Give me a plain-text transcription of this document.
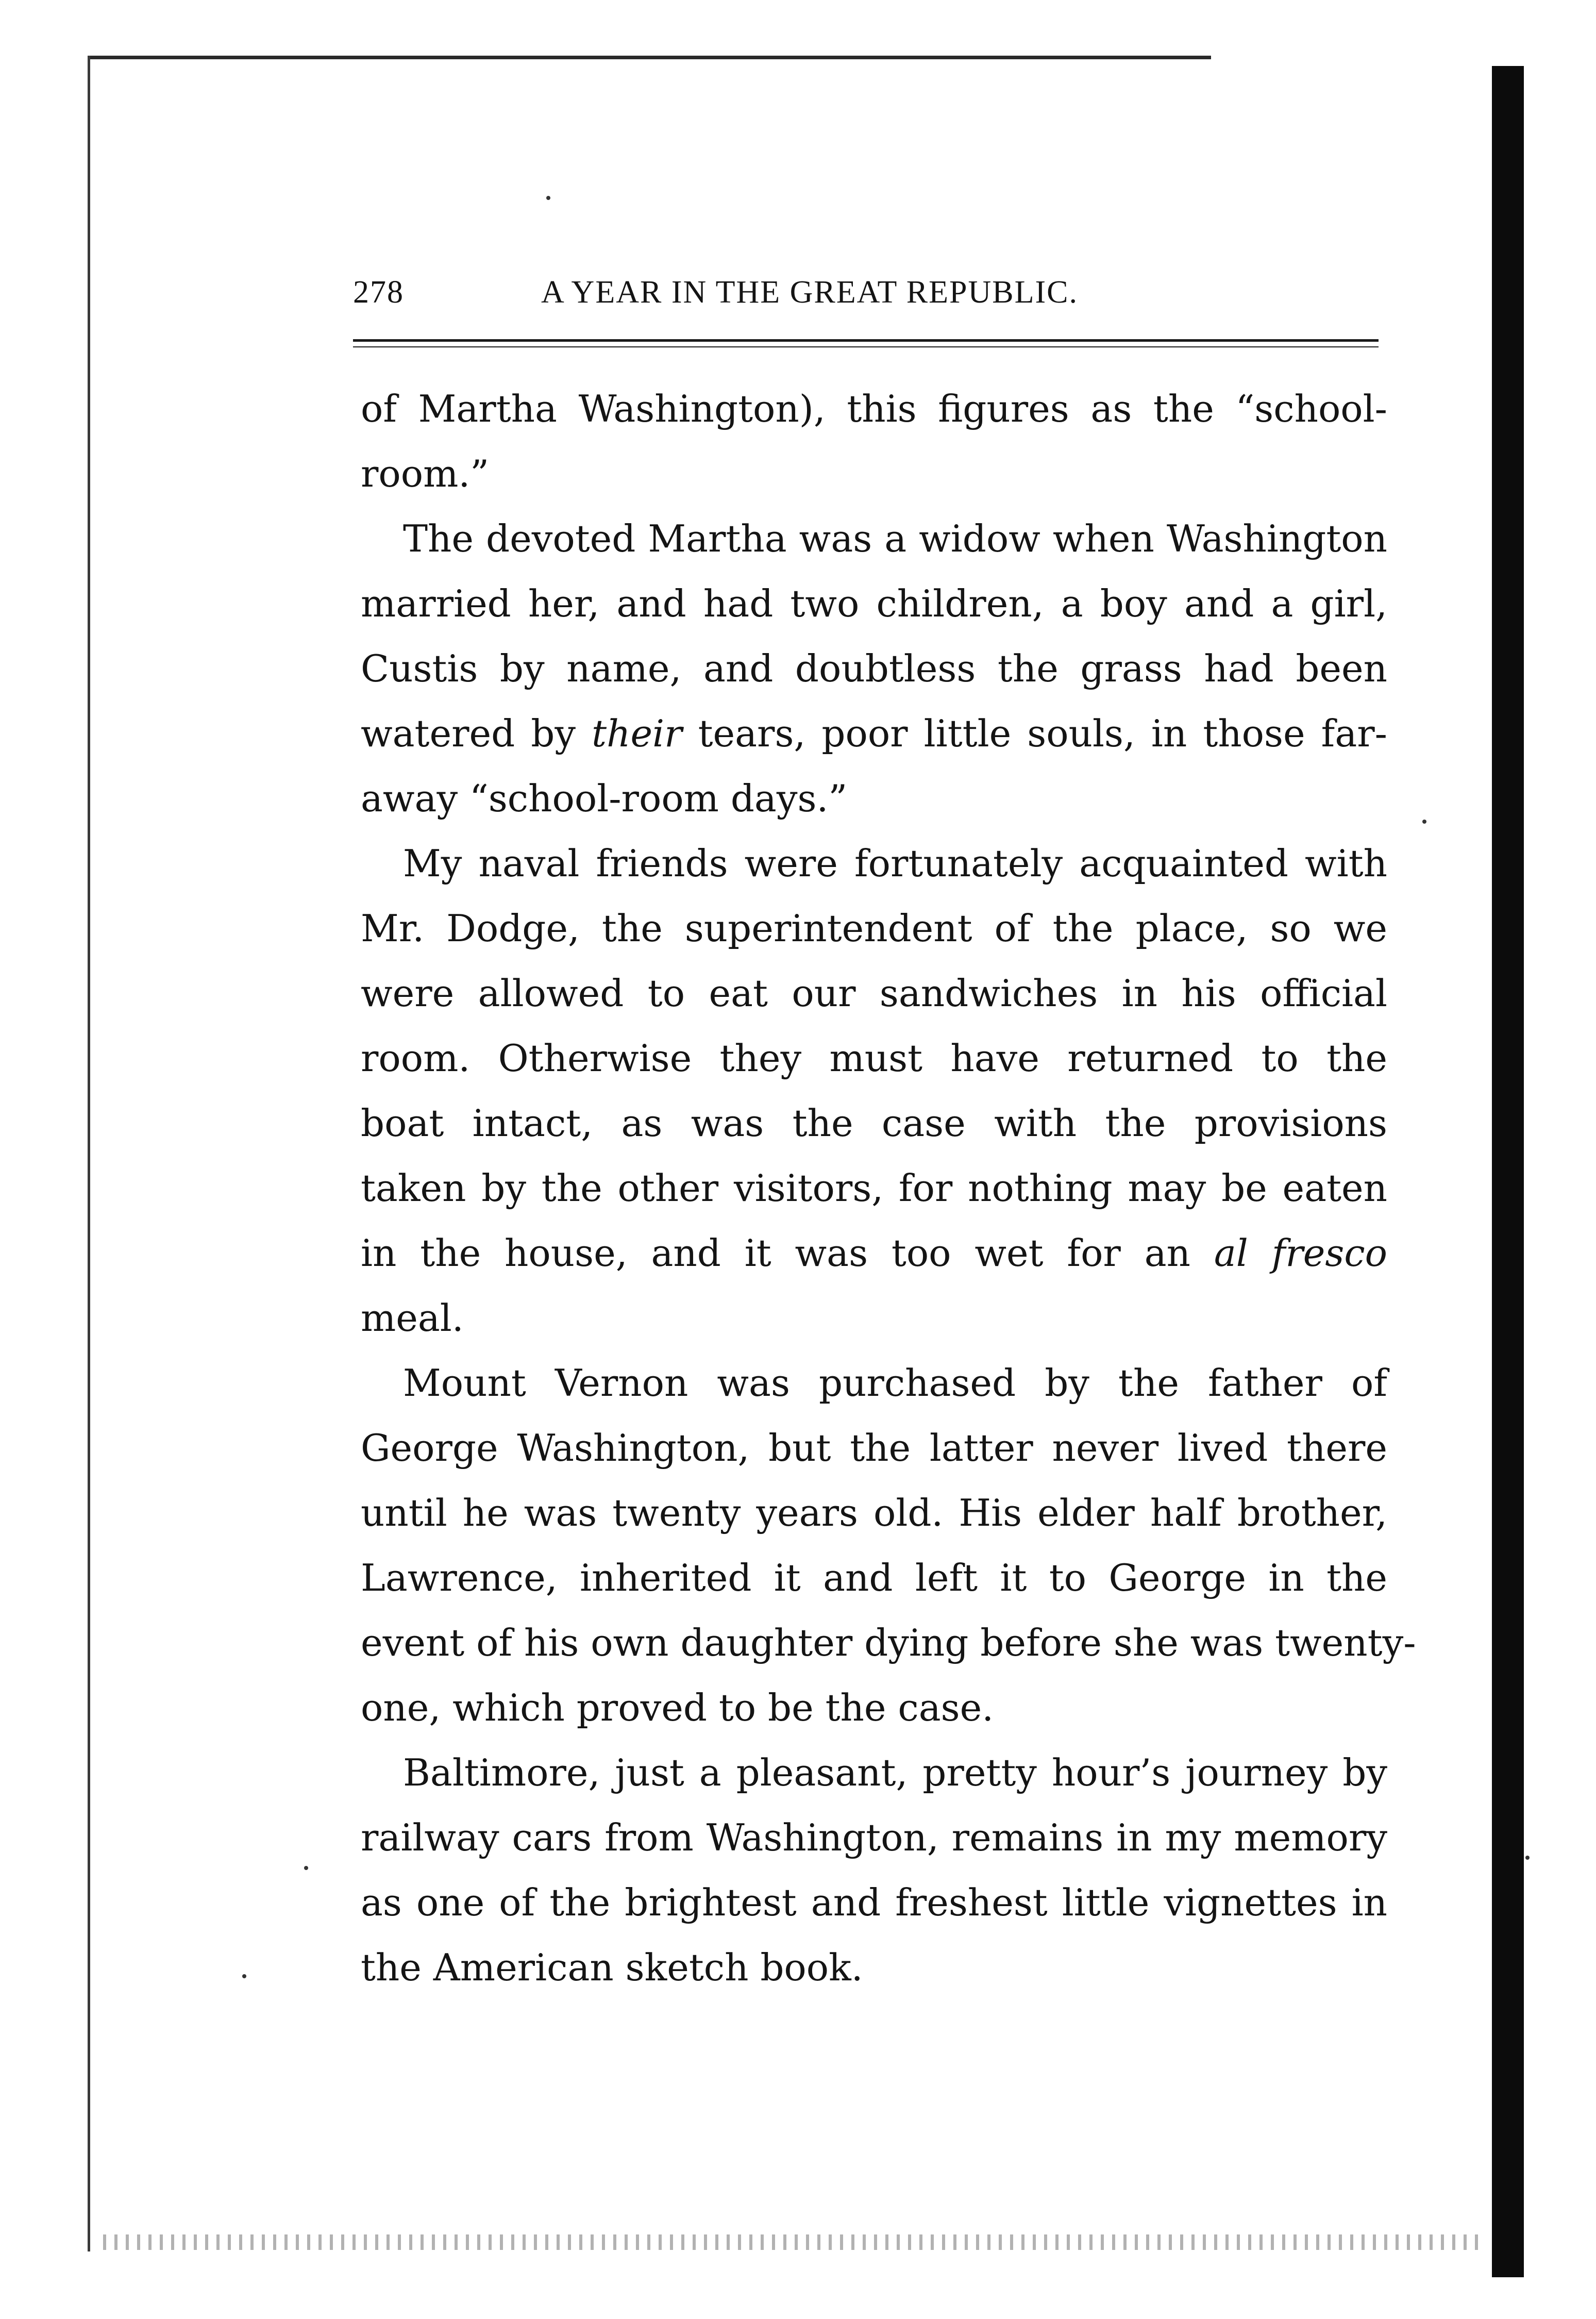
278	A YEAR IN THE GREAT REPUBLIC.
of Martha Washington), this figures as the “school-
room.”
The devoted Martha was a widow when Washington
married her, and had two children, a boy and a girl,
Custis by name, and doubtless the grass had been
watered by their tears, poor little souls, in those far-
away “school-room days.”
My naval friends were fortunately acquainted with
Mr. Dodge, the superintendent of the place, so we
were allowed to eat our sandwiches in his official
room. Otherwise they must have returned to the
boat intact, as was the case with the provisions
taken by the other visitors, for nothing may be eaten
in the house, and it was too wet for an al fresco
meal.
Mount Vernon was purchased by the father of
George Washington, but the latter never lived there
until he was twenty years old. His elder half brother,
Lawrence, inherited it and left it to George in the
event of his own daughter dying before she was twenty-
one, which proved to be the case.
Baltimore, just a pleasant, pretty hour’s journey by
railway cars from Washington, remains in my memory
as one of the brightest and freshest little vignettes in
the American sketch book.
